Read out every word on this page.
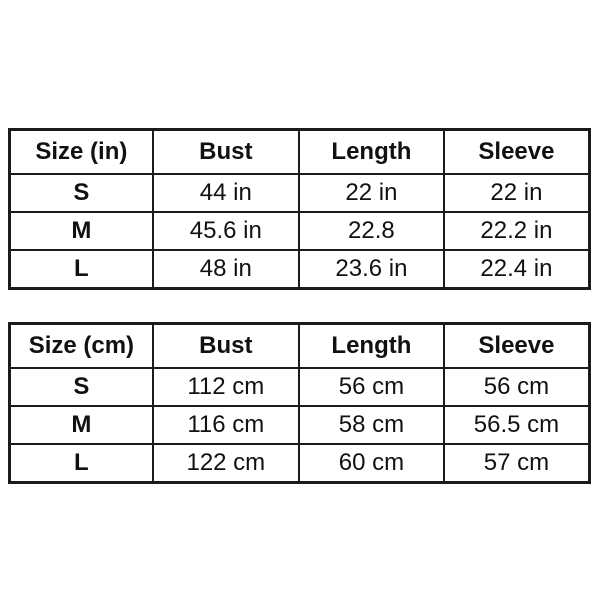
Size (in)	Bust	Length	Sleeve
S	44 in	22 in	22 in
M	45.6 in	22.8	22.2 in
L	48 in	23.6 in	22.4 in
Size (cm)	Bust	Length	Sleeve
S	112 cm	56 cm	56 cm
M	116 cm	58 cm	56.5 cm
L	122 cm	60 cm	57 cm
